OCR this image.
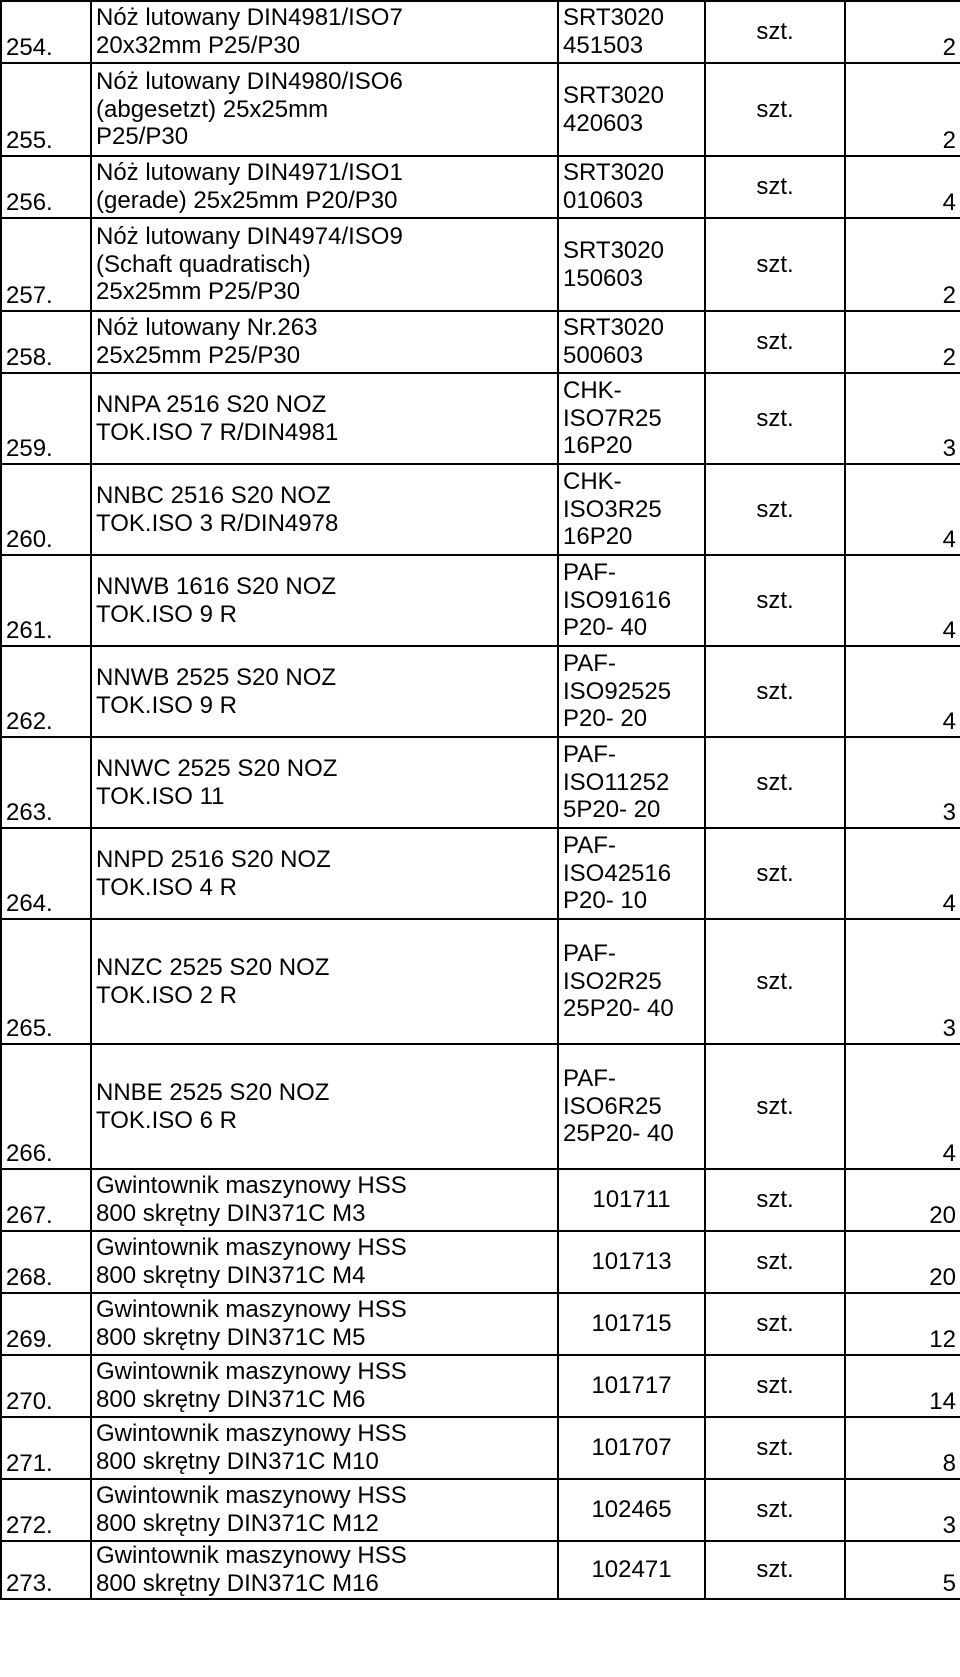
254.	Nóż lutowany DIN4981/ISO7
20x32mm P25/P30	SRT3020
451503	szt.	2
255.	Nóż lutowany DIN4980/ISO6
(abgesetzt) 25x25mm
P25/P30	SRT3020
420603	szt.	2
256.	Nóż lutowany DIN4971/ISO1
(gerade) 25x25mm P20/P30	SRT3020
010603	szt.	4
257.	Nóż lutowany DIN4974/ISO9
(Schaft quadratisch)
25x25mm P25/P30	SRT3020
150603	szt.	2
258.	Nóż lutowany Nr.263
25x25mm P25/P30	SRT3020
500603	szt.	2
259.	NNPA 2516 S20 NOZ
TOK.ISO 7 R/DIN4981	CHK-
ISO7R25
16P20	szt.	3
260.	NNBC 2516 S20 NOZ
TOK.ISO 3 R/DIN4978	CHK-
ISO3R25
16P20	szt.	4
261.	NNWB 1616 S20 NOZ
TOK.ISO 9 R	PAF-
ISO91616
P20- 40	szt.	4
262.	NNWB 2525 S20 NOZ
TOK.ISO 9 R	PAF-
ISO92525
P20- 20	szt.	4
263.	NNWC 2525 S20 NOZ
TOK.ISO 11	PAF-
ISO11252
5P20- 20	szt.	3
264.	NNPD 2516 S20 NOZ
TOK.ISO 4 R	PAF-
ISO42516
P20- 10	szt.	4
265.	NNZC 2525 S20 NOZ
TOK.ISO 2 R	PAF-
ISO2R25
25P20- 40	szt.	3
266.	NNBE 2525 S20 NOZ
TOK.ISO 6 R	PAF-
ISO6R25
25P20- 40	szt.	4
267.	Gwintownik maszynowy HSS
800 skrętny DIN371C M3	101711	szt.	20
268.	Gwintownik maszynowy HSS
800 skrętny DIN371C M4	101713	szt.	20
269.	Gwintownik maszynowy HSS
800 skrętny DIN371C M5	101715	szt.	12
270.	Gwintownik maszynowy HSS
800 skrętny DIN371C M6	101717	szt.	14
271.	Gwintownik maszynowy HSS
800 skrętny DIN371C M10	101707	szt.	8
272.	Gwintownik maszynowy HSS
800 skrętny DIN371C M12	102465	szt.	3
273.	Gwintownik maszynowy HSS
800 skrętny DIN371C M16	102471	szt.	5
